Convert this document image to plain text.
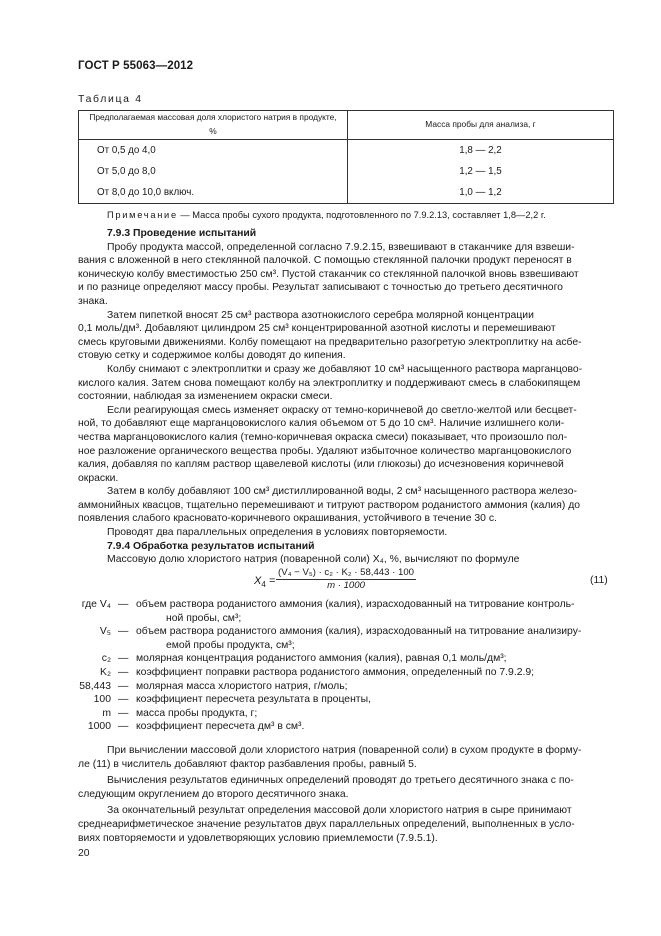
ГОСТ Р 55063—2012
Таблица 4
Предполагаемая массовая доля хлористого натрия в продукте, %	Масса пробы для анализа, г
От 0,5 до 4,0	1,8 — 2,2
От 5,0 до 8,0	1,2 — 1,5
От 8,0 до 10,0 включ.	1,0 — 1,2
Примечание — Масса пробы сухого продукта, подготовленного по 7.9.2.13, составляет 1,8—2,2 г.

7.9.3 Проведение испытаний

Пробу продукта массой, определенной согласно 7.9.2.15, взвешивают в стаканчике для взвеши-
вания с вложенной в него стеклянной палочкой. С помощью стеклянной палочки продукт переносят в
коническую колбу вместимостью 250 см³. Пустой стаканчик со стеклянной палочкой вновь взвешивают
и по разнице определяют массу пробы. Результат записывают с точностью до третьего десятичного
знака.
Затем пипеткой вносят 25 см³ раствора азотнокислого серебра молярной концентрации
0,1 моль/дм³. Добавляют цилиндром 25 см³ концентрированной азотной кислоты и перемешивают
смесь круговыми движениями. Колбу помещают на предварительно разогретую электроплитку на асбе-
стовую сетку и содержимое колбы доводят до кипения.
Колбу снимают с электроплитки и сразу же добавляют 10 см³ насыщенного раствора марганцово-
кислого калия. Затем снова помещают колбу на электроплитку и поддерживают смесь в слабокипящем
состоянии, наблюдая за изменением окраски смеси.
Если реагирующая смесь изменяет окраску от темно-коричневой до светло-желтой или бесцвет-
ной, то добавляют еще марганцовокислого калия объемом от 5 до 10 см³. Наличие излишнего коли-
чества марганцовокислого калия (темно-коричневая окраска смеси) показывает, что произошло пол-
ное разложение органического вещества пробы. Удаляют избыточное количество марганцовокислого
калия, добавляя по каплям раствор щавелевой кислоты (или глюкозы) до исчезновения коричневой
окраски.
Затем в колбу добавляют 100 см³ дистиллированной воды, 2 см³ насыщенного раствора железо-
аммонийных квасцов, тщательно перемешивают и титруют раствором роданистого аммония (калия) до
появления слабого красновато-коричневого окрашивания, устойчивого в течение 30 с.
Проводят два параллельных определения в условиях повторяемости.

7.9.4 Обработка результатов испытаний

Массовую долю хлористого натрия (поваренной соли) X₄, %, вычисляют по формуле
$X_4 = \frac{\text{(V₄ − V₅) · c₂ · K₂ · 58,443 · 100}}{m \cdot 1000}$	(11)
где V₄ — объем раствора роданистого аммония (калия), израсходованный на титрование контроль-
ной пробы, см³;
V₅ — объем раствора роданистого аммония (калия), израсходованный на титрование анализиру-
емой пробы продукта, см³;
c₂ — молярная концентрация роданистого аммония (калия), равная 0,1 моль/дм³;
K₂ — коэффициент поправки раствора роданистого аммония, определенный по 7.9.2.9;
58,443 — молярная масса хлористого натрия, г/моль;
100 — коэффициент пересчета результата в проценты,
m — масса пробы продукта, г;
1000 — коэффициент пересчета дм³ в см³.
При вычислении массовой доли хлористого натрия (поваренной соли) в сухом продукте в форму-
ле (11) в числитель добавляют фактор разбавления пробы, равный 5.
Вычисления результатов единичных определений проводят до третьего десятичного знака с по-
следующим округлением до второго десятичного знака.
За окончательный результат определения массовой доли хлористого натрия в сыре принимают
среднеарифметическое значение результатов двух параллельных определений, выполненных в усло-
виях повторяемости и удовлетворяющих условию приемлемости (7.9.5.1).
20
